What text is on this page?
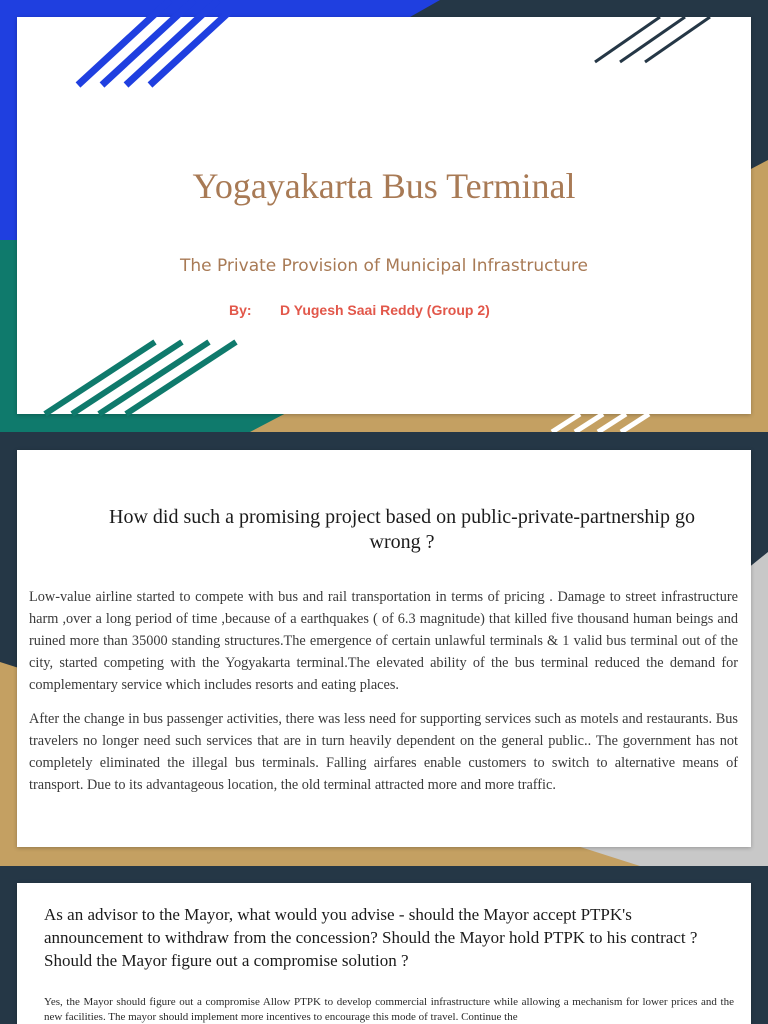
Yogayakarta Bus Terminal
The Private Provision of Municipal Infrastructure
By: D Yugesh Saai Reddy (Group 2)
How did such a promising project based on public-private-partnership go wrong ?

Low-value airline started to compete with bus and rail transportation in terms of pricing . Damage to street infrastructure harm ,over a long period of time ,because of a earthquakes ( of 6.3 magnitude) that killed five thousand human beings and ruined more than 35000 standing structures.The emergence of certain unlawful terminals & 1 valid bus terminal out of the city, started competing with the Yogyakarta terminal.The elevated ability of the bus terminal reduced the demand for complementary service which includes resorts and eating places.

After the change in bus passenger activities, there was less need for supporting services such as motels and restaurants. Bus travelers no longer need such services that are in turn heavily dependent on the general public.. The government has not completely eliminated the illegal bus terminals. Falling airfares enable customers to switch to alternative means of transport. Due to its advantageous location, the old terminal attracted more and more traffic.

As an advisor to the Mayor, what would you advise - should the Mayor accept PTPK's announcement to withdraw from the concession? Should the Mayor hold PTPK to his contract ? Should the Mayor figure out a compromise solution ?
Yes, the Mayor should figure out a compromise Allow PTPK to develop commercial infrastructure while allowing a mechanism for lower prices and the new facilities. The mayor should implement more incentives to encourage this mode of travel. Continue the
